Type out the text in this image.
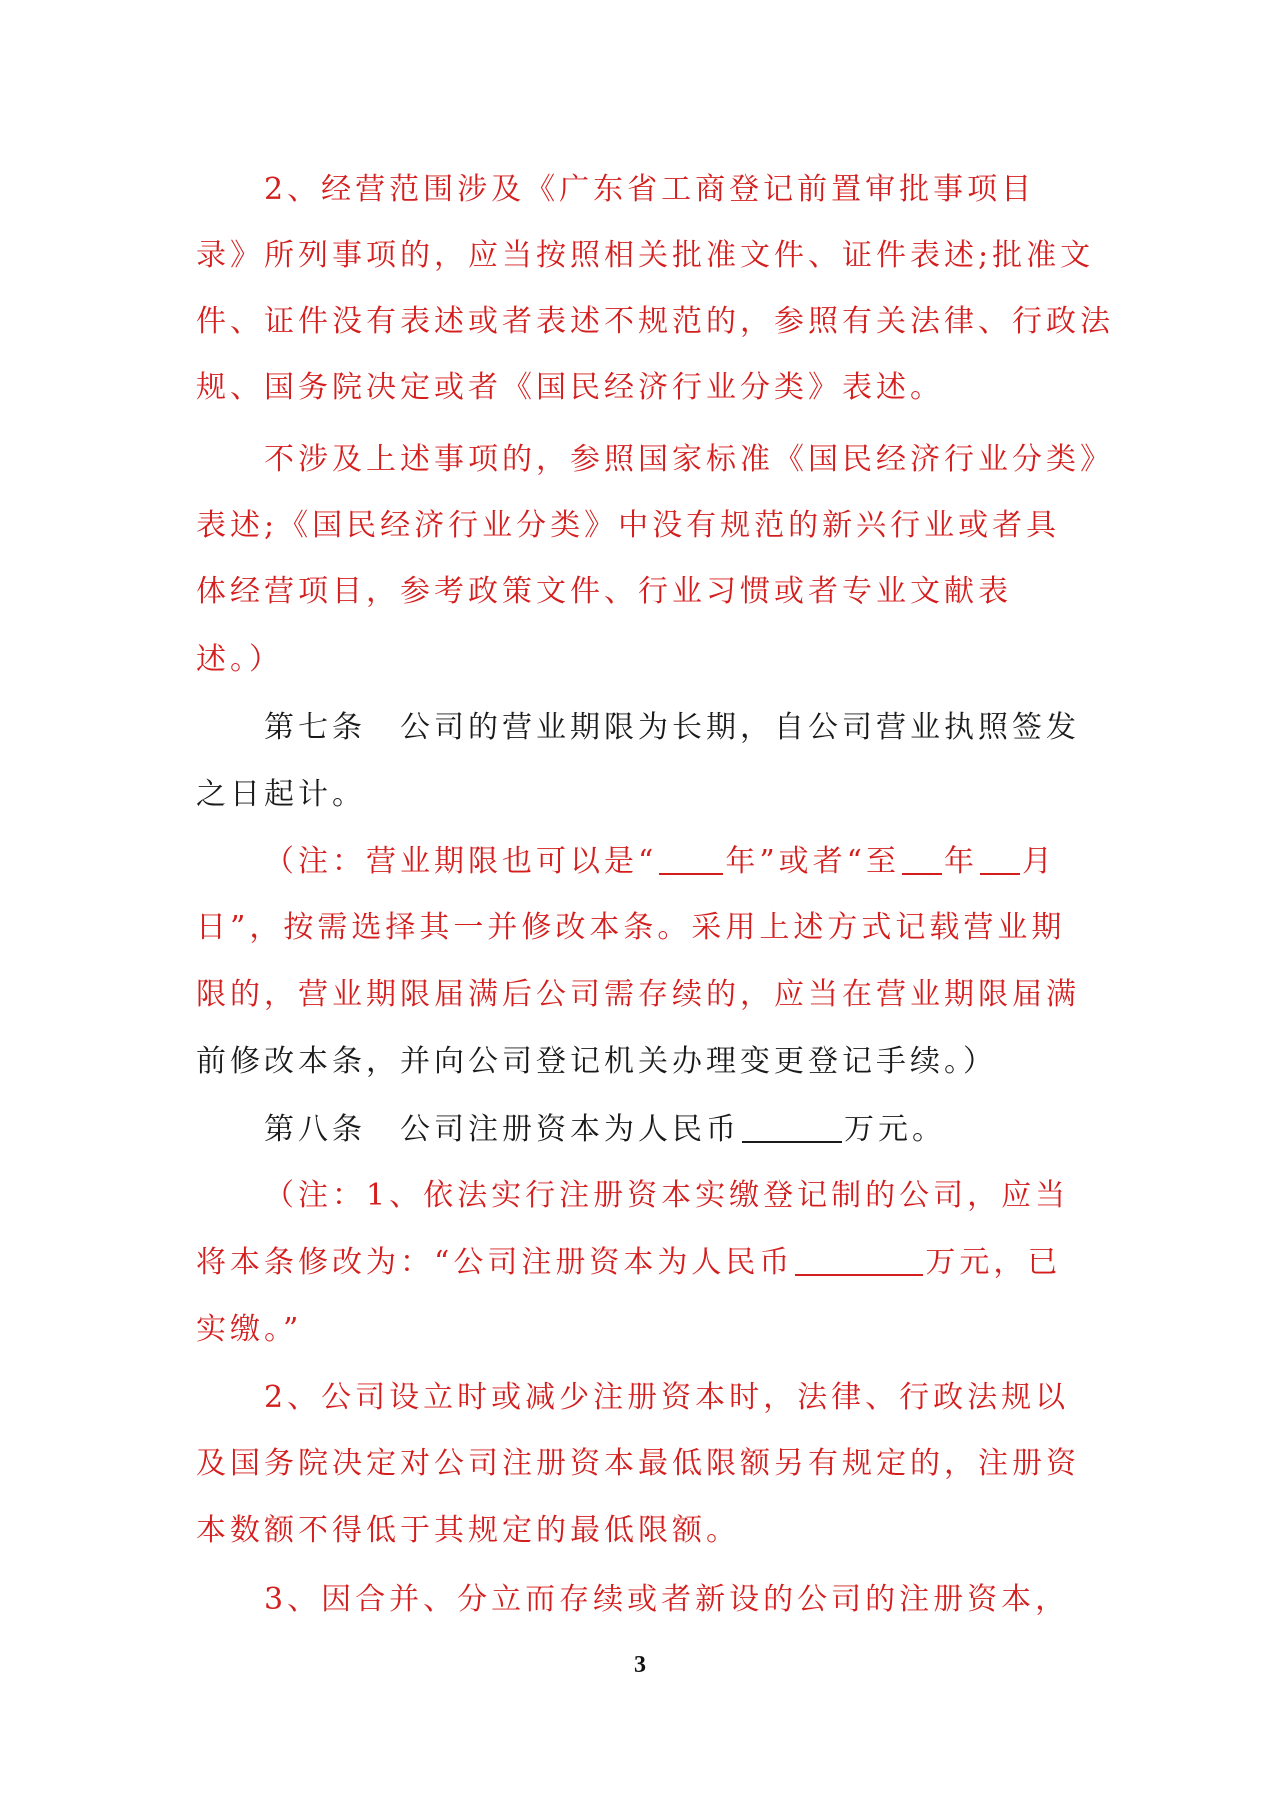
2、经营范围涉及《广东省工商登记前置审批事项目
录》所列事项的，应当按照相关批准文件、证件表述;批准文
件、证件没有表述或者表述不规范的，参照有关法律、行政法
规、国务院决定或者《国民经济行业分类》表述。
不涉及上述事项的，参照国家标准《国民经济行业分类》
表述;《国民经济行业分类》中没有规范的新兴行业或者具
体经营项目，参考政策文件、行业习惯或者专业文献表
述。）
第七条　公司的营业期限为长期，自公司营业执照签发
之日起计。
（注：营业期限也可以是“ 年”或者“至 年 月
日”，按需选择其一并修改本条。采用上述方式记载营业期
限的，营业期限届满后公司需存续的，应当在营业期限届满
前修改本条，并向公司登记机关办理变更登记手续。）
第八条　公司注册资本为人民币	万元。
（注：1、依法实行注册资本实缴登记制的公司，应当
将本条修改为：“公司注册资本为人民币	万元，已
实缴。”
2、公司设立时或减少注册资本时，法律、行政法规以
及国务院决定对公司注册资本最低限额另有规定的，注册资
本数额不得低于其规定的最低限额。
3、因合并、分立而存续或者新设的公司的注册资本，
3
